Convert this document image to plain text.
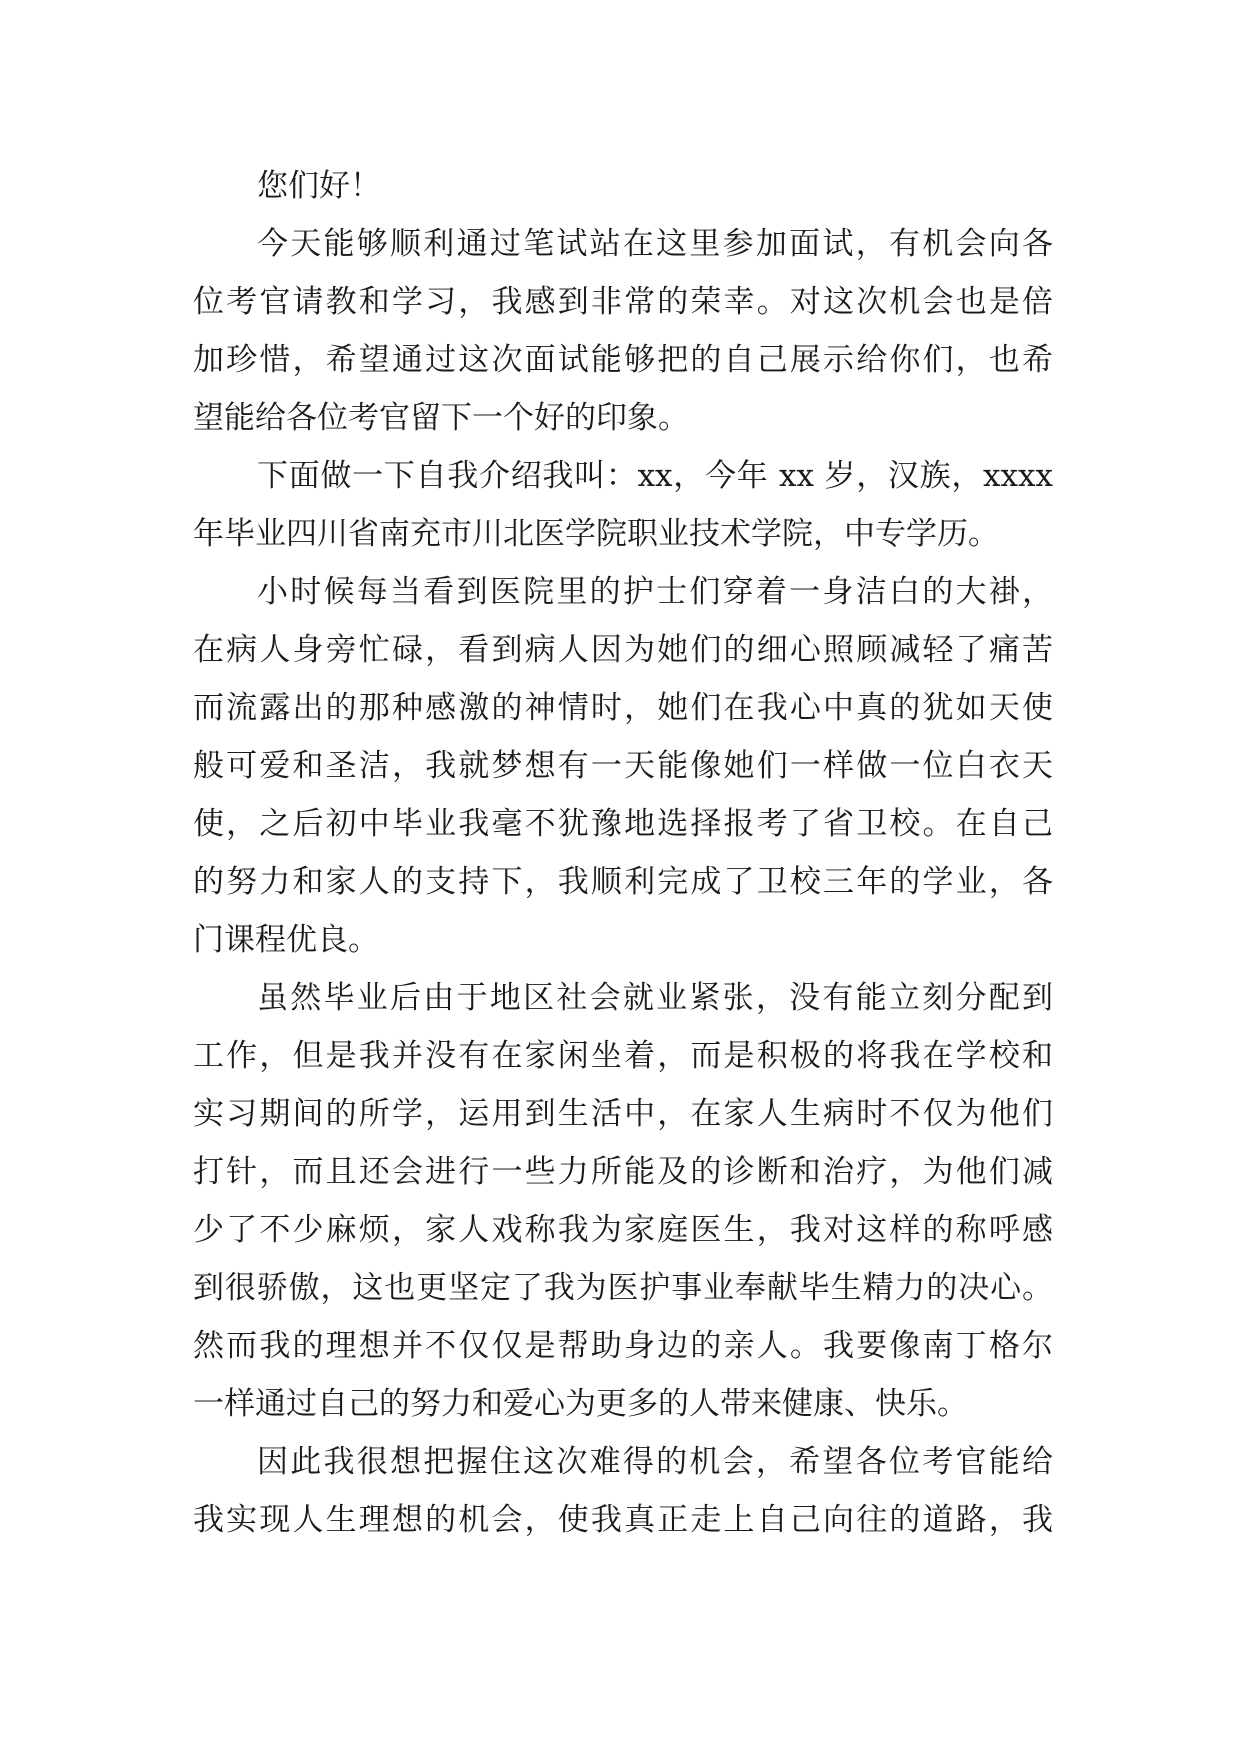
您们好！
今天能够顺利通过笔试站在这里参加面试，有机会向各
位考官请教和学习，我感到非常的荣幸。对这次机会也是倍
加珍惜，希望通过这次面试能够把的自己展示给你们，也希
望能给各位考官留下一个好的印象。
下面做一下自我介绍我叫：xx，今年 xx 岁，汉族，xxxx
年毕业四川省南充市川北医学院职业技术学院，中专学历。
小时候每当看到医院里的护士们穿着一身洁白的大褂，
在病人身旁忙碌，看到病人因为她们的细心照顾减轻了痛苦
而流露出的那种感激的神情时，她们在我心中真的犹如天使
般可爱和圣洁，我就梦想有一天能像她们一样做一位白衣天
使，之后初中毕业我毫不犹豫地选择报考了省卫校。在自己
的努力和家人的支持下，我顺利完成了卫校三年的学业，各
门课程优良。
虽然毕业后由于地区社会就业紧张，没有能立刻分配到
工作，但是我并没有在家闲坐着，而是积极的将我在学校和
实习期间的所学，运用到生活中，在家人生病时不仅为他们
打针，而且还会进行一些力所能及的诊断和治疗，为他们减
少了不少麻烦，家人戏称我为家庭医生，我对这样的称呼感
到很骄傲，这也更坚定了我为医护事业奉献毕生精力的决心。
然而我的理想并不仅仅是帮助身边的亲人。我要像南丁格尔
一样通过自己的努力和爱心为更多的人带来健康、快乐。
因此我很想把握住这次难得的机会，希望各位考官能给
我实现人生理想的机会，使我真正走上自己向往的道路，我
